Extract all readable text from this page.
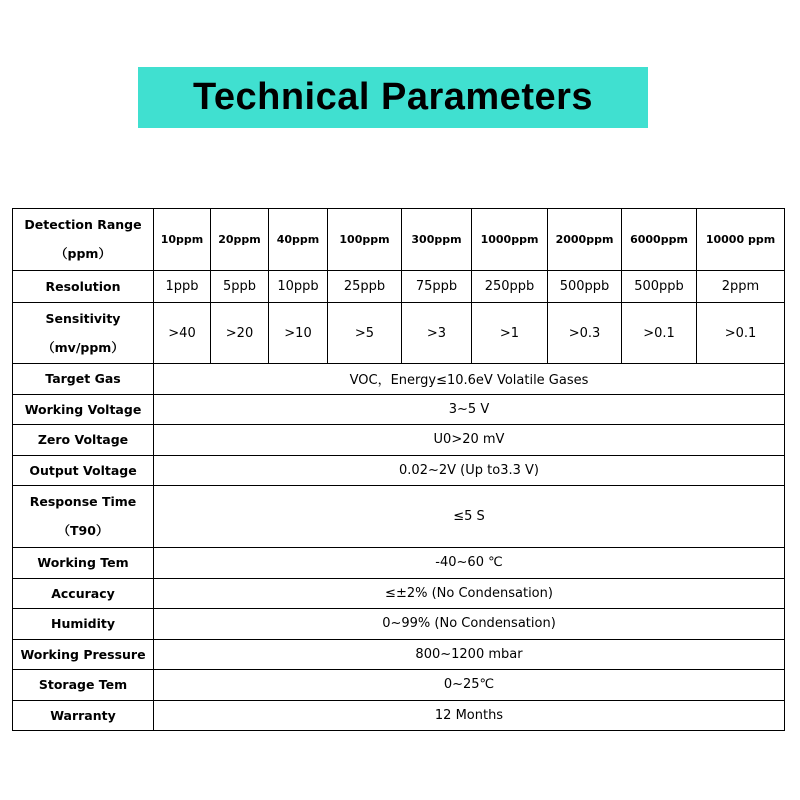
Technical Parameters
Detection Range
（ppm）	10ppm	20ppm	40ppm	100ppm	300ppm	1000ppm	2000ppm	6000ppm	10000 ppm
Resolution	1ppb	5ppb	10ppb	25ppb	75ppb	250ppb	500ppb	500ppb	2ppm
Sensitivity
（mv/ppm）	>40	>20	>10	>5	>3	>1	>0.3	>0.1	>0.1
Target Gas	VOC，Energy≤10.6eV Volatile Gases								
Working Voltage	3~5 V								
Zero Voltage	U0>20 mV								
Output Voltage	0.02~2V (Up to3.3 V)								
Response Time
（T90）	≤5 S								
Working Tem	-40~60 ℃								
Accuracy	≤±2% (No Condensation)								
Humidity	0~99% (No Condensation)								
Working Pressure	800~1200 mbar								
Storage Tem	0~25℃								
Warranty	12 Months								
